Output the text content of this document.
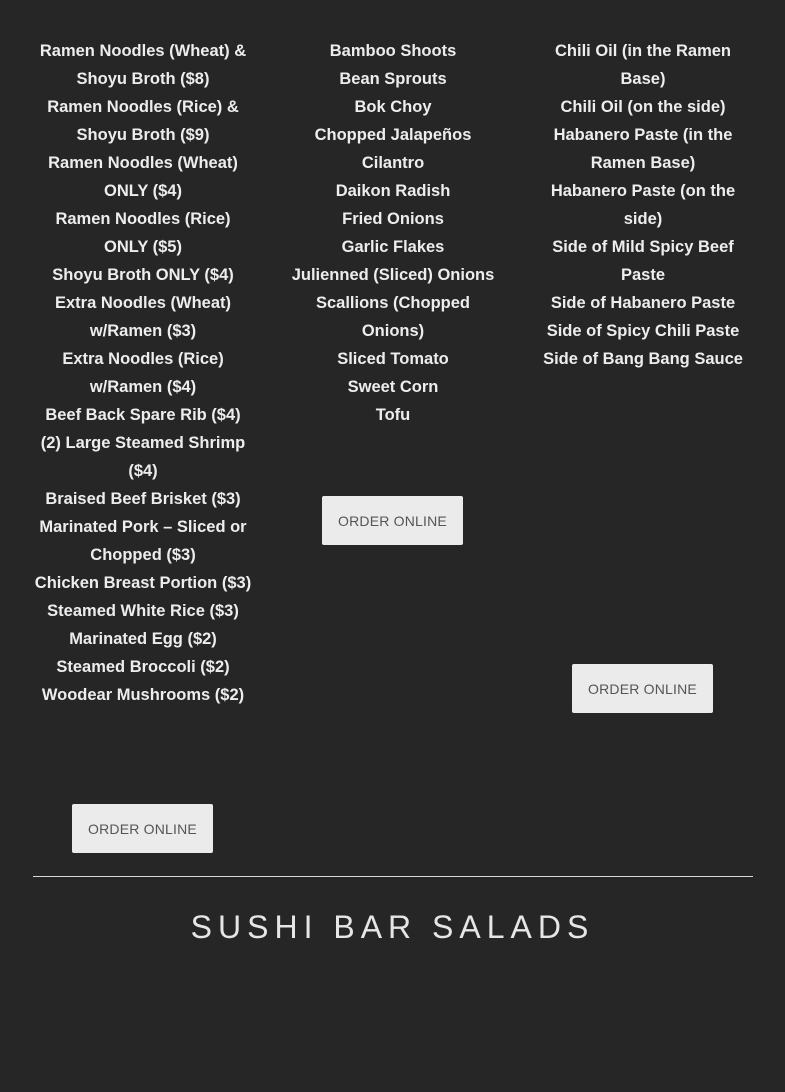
Ramen Noodles (Wheat) & Shoyu Broth ($8)

Ramen Noodles (Rice) & Shoyu Broth ($9)

Ramen Noodles (Wheat) ONLY ($4)

Ramen Noodles (Rice) ONLY ($5)

Shoyu Broth ONLY ($4)

Extra Noodles (Wheat) w/Ramen ($3)

Extra Noodles (Rice) w/Ramen ($4)

Beef Back Spare Rib ($4)

(2) Large Steamed Shrimp ($4)

Braised Beef Brisket ($3)

Marinated Pork – Sliced or Chopped ($3)

Chicken Breast Portion ($3)

Steamed White Rice ($3)

Marinated Egg ($2)

Steamed Broccoli ($2)

Woodear Mushrooms ($2)

Bamboo Shoots

Bean Sprouts

Bok Choy

Chopped Jalapeños

Cilantro

Daikon Radish

Fried Onions

Garlic Flakes

Julienned (Sliced) Onions

Scallions (Chopped Onions)

Sliced Tomato

Sweet Corn

Tofu

Chili Oil (in the Ramen Base)

Chili Oil (on the side)

Habanero Paste (in the Ramen Base)

Habanero Paste (on the side)

Side of Mild Spicy Beef Paste

Side of Habanero Paste

Side of Spicy Chili Paste

Side of Bang Bang Sauce

ORDER ONLINE
ORDER ONLINE
ORDER ONLINE
SUSHI BAR SALADS
